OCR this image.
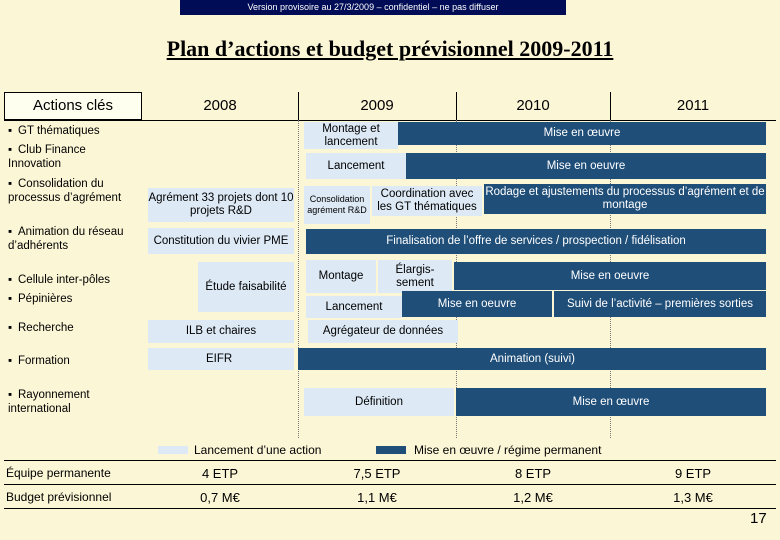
Version provisoire au 27/3/2009 – confidentiel – ne pas diffuser
Plan d’actions et budget prévisionnel 2009-2011
Actions clés	2008	2009	2010	2011
▪ GT thématiques
▪ Club Finance Innovation
▪ Consolidation du processus d’agrément
▪ Animation du réseau d’adhérents
▪ Cellule inter-pôles
▪ Pépinières
▪ Recherche
▪ Formation
▪ Rayonnement international
Montage et lancement
Mise en œuvre
Lancement	Mise en oeuvre
Agrément 33 projets dont 10 projets R&D
Consolidation agrément R&D
Coordination avec les GT thématiques
Rodage et ajustements du processus d’agrément et de montage
Constitution du vivier PME	Finalisation de l’offre de services / prospection / fidélisation
Étude faisabilité
Montage
Élargis-sement
Mise en oeuvre
Lancement	Mise en oeuvre	Suivi de l’activité – premières sorties
ILB et chaires	Agrégateur de données
EIFR	Animation (suivi)
Définition	Mise en œuvre
Lancement d’une action	Mise en œuvre / régime permanent
Équipe permanente	4 ETP	7,5 ETP	8 ETP	9 ETP
Budget prévisionnel	0,7 M€	1,1 M€	1,2 M€	1,3 M€
17
